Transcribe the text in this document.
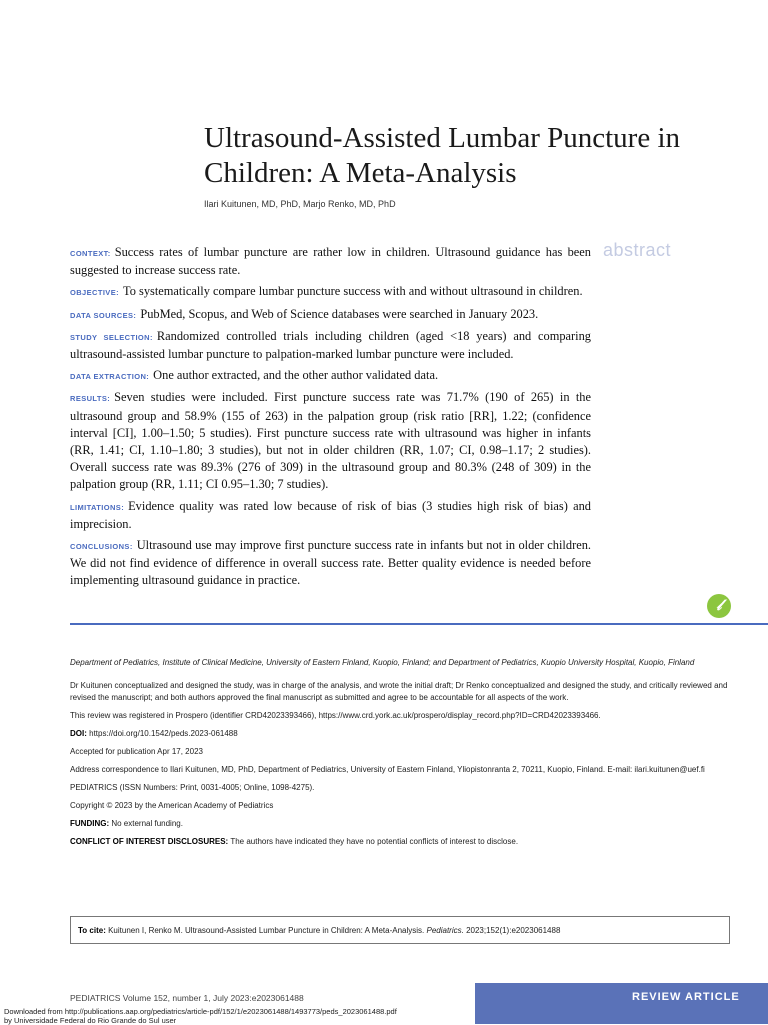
Ultrasound-Assisted Lumbar Puncture in Children: A Meta-Analysis
Ilari Kuitunen, MD, PhD, Marjo Renko, MD, PhD
abstract

CONTEXT: Success rates of lumbar puncture are rather low in children. Ultrasound guidance has been suggested to increase success rate.

OBJECTIVE: To systematically compare lumbar puncture success with and without ultrasound in children.

DATA SOURCES: PubMed, Scopus, and Web of Science databases were searched in January 2023.

STUDY SELECTION: Randomized controlled trials including children (aged <18 years) and comparing ultrasound-assisted lumbar puncture to palpation-marked lumbar puncture were included.

DATA EXTRACTION: One author extracted, and the other author validated data.

RESULTS: Seven studies were included. First puncture success rate was 71.7% (190 of 265) in the ultrasound group and 58.9% (155 of 263) in the palpation group (risk ratio [RR], 1.22; (confidence interval [CI], 1.00–1.50; 5 studies). First puncture success rate with ultrasound was higher in infants (RR, 1.41; CI, 1.10–1.80; 3 studies), but not in older children (RR, 1.07; CI, 0.98–1.17; 2 studies). Overall success rate was 89.3% (276 of 309) in the ultrasound group and 80.3% (248 of 309) in the palpation group (RR, 1.11; CI 0.95–1.30; 7 studies).

LIMITATIONS: Evidence quality was rated low because of risk of bias (3 studies high risk of bias) and imprecision.

CONCLUSIONS: Ultrasound use may improve first puncture success rate in infants but not in older children. We did not find evidence of difference in overall success rate. Better quality evidence is needed before implementing ultrasound guidance in practice.

𝓁

Department of Pediatrics, Institute of Clinical Medicine, University of Eastern Finland, Kuopio, Finland; and Department of Pediatrics, Kuopio University Hospital, Kuopio, Finland

Dr Kuitunen conceptualized and designed the study, was in charge of the analysis, and wrote the initial draft; Dr Renko conceptualized and designed the study, and critically reviewed and revised the manuscript; and both authors approved the final manuscript as submitted and agree to be accountable for all aspects of the work.

This review was registered in Prospero (identifier CRD42023393466), https://www.crd.york.ac.uk/prospero/display_record.php?ID=CRD42023393466.

DOI: https://doi.org/10.1542/peds.2023-061488

Accepted for publication Apr 17, 2023

Address correspondence to Ilari Kuitunen, MD, PhD, Department of Pediatrics, University of Eastern Finland, Yliopistonranta 2, 70211, Kuopio, Finland. E-mail: ilari.kuitunen@uef.fi

PEDIATRICS (ISSN Numbers: Print, 0031-4005; Online, 1098-4275).

Copyright © 2023 by the American Academy of Pediatrics

FUNDING: No external funding.

CONFLICT OF INTEREST DISCLOSURES: The authors have indicated they have no potential conflicts of interest to disclose.

To cite: Kuitunen I, Renko M. Ultrasound-Assisted Lumbar Puncture in Children: A Meta-Analysis. Pediatrics. 2023;152(1):e2023061488
PEDIATRICS Volume 152, number 1, July 2023:e2023061488	REVIEW ARTICLE
Downloaded from http://publications.aap.org/pediatrics/article-pdf/152/1/e2023061488/1493773/peds_2023061488.pdf
by Universidade Federal do Rio Grande do Sul user
